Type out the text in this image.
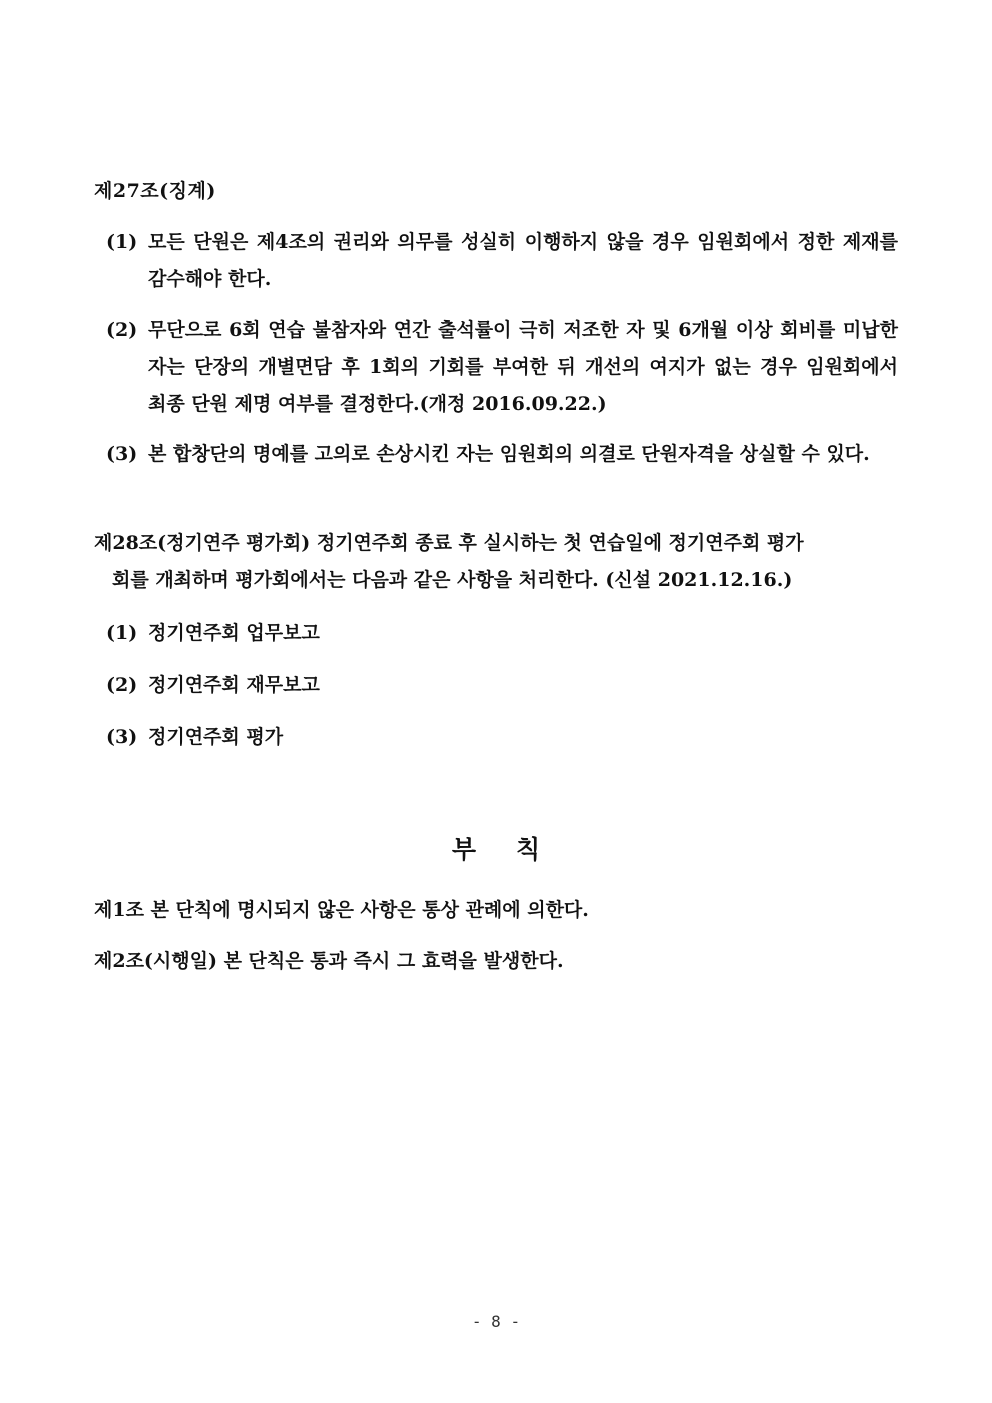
제27조(징계)
(1) 모든 단원은 제4조의 권리와 의무를 성실히 이행하지 않을 경우 임원회에서 정한 제재를 감수해야 한다.
(2) 무단으로 6회 연습 불참자와 연간 출석률이 극히 저조한 자 및 6개월 이상 회비를 미납한 자는 단장의 개별면담 후 1회의 기회를 부여한 뒤 개선의 여지가 없는 경우 임원회에서 최종 단원 제명 여부를 결정한다.(개정 2016.09.22.)
(3) 본 합창단의 명예를 고의로 손상시킨 자는 임원회의 의결로 단원자격을 상실할 수 있다.
제28조(정기연주 평가회) 정기연주회 종료 후 실시하는 첫 연습일에 정기연주회 평가
회를 개최하며 평가회에서는 다음과 같은 사항을 처리한다. (신설 2021.12.16.)
(1) 정기연주회 업무보고
(2) 정기연주회 재무보고
(3) 정기연주회 평가
부칙
제1조 본 단칙에 명시되지 않은 사항은 통상 관례에 의한다.
제2조(시행일) 본 단칙은 통과 즉시 그 효력을 발생한다.
- 8 -
